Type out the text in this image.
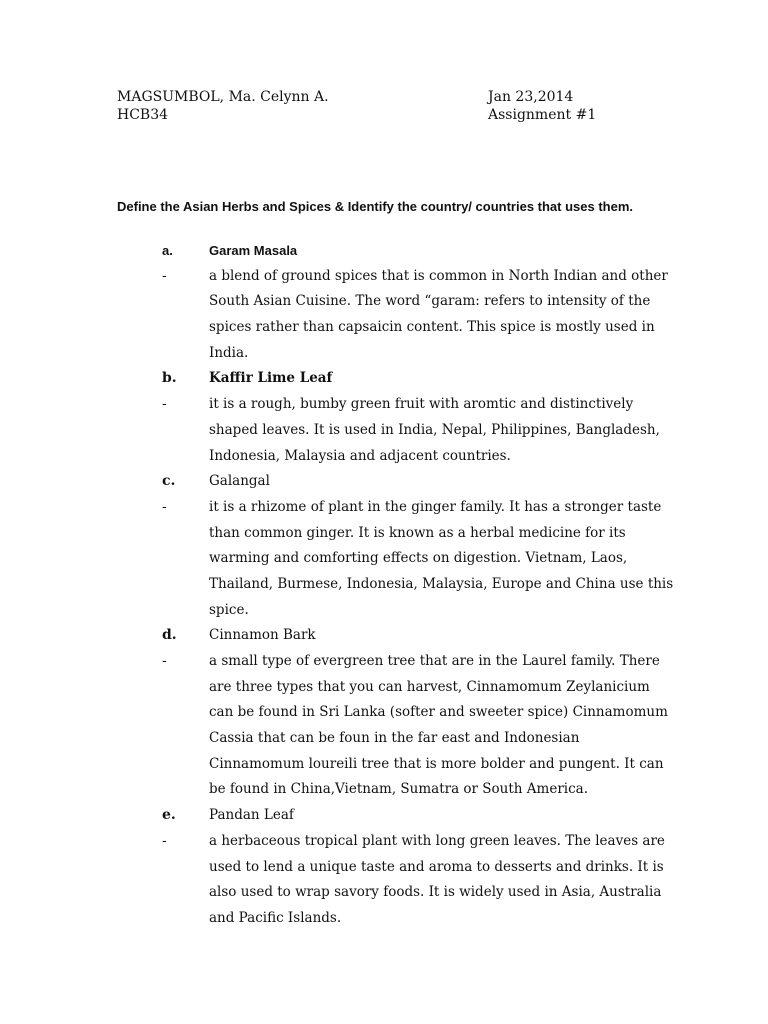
MAGSUMBOL, Ma. Celynn A.
HCB34
Jan 23,2014
Assignment #1
Define the Asian Herbs and Spices & Identify the country/ countries that uses them.
a.	Garam Masala
-	a blend of ground spices that is common in North Indian and other
South Asian Cuisine. The word “garam: refers to intensity of the
spices rather than capsaicin content. This spice is mostly used in
India.
b. Kaffir Lime Leaf
-	it is a rough, bumby green fruit with aromtic and distinctively
shaped leaves. It is used in India, Nepal, Philippines, Bangladesh,
Indonesia, Malaysia and adjacent countries.
c. Galangal
-	it is a rhizome of plant in the ginger family. It has a stronger taste
than common ginger. It is known as a herbal medicine for its
warming and comforting effects on digestion. Vietnam, Laos,
Thailand, Burmese, Indonesia, Malaysia, Europe and China use this
spice.
d. Cinnamon Bark
-	a small type of evergreen tree that are in the Laurel family. There
are three types that you can harvest, Cinnamomum Zeylanicium
can be found in Sri Lanka (softer and sweeter spice) Cinnamomum
Cassia that can be foun in the far east and Indonesian
Cinnamomum loureili tree that is more bolder and pungent. It can
be found in China,Vietnam, Sumatra or South America.
e. Pandan Leaf
-	a herbaceous tropical plant with long green leaves. The leaves are
used to lend a unique taste and aroma to desserts and drinks. It is
also used to wrap savory foods. It is widely used in Asia, Australia
and Pacific Islands.
